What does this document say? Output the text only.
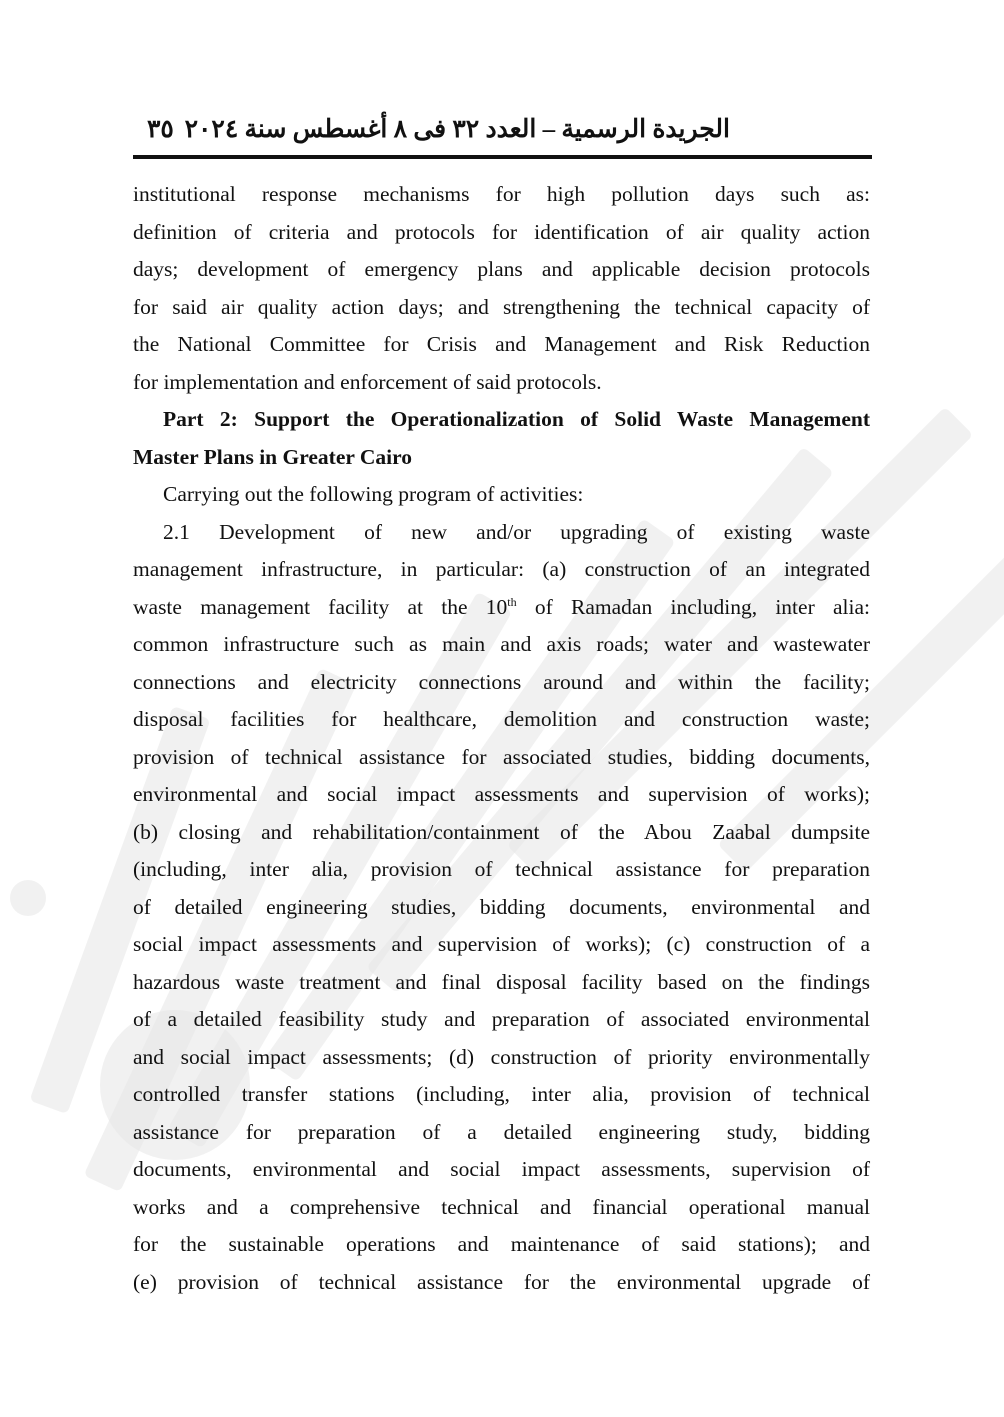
الجريدة الرسمية – العدد ٣٢ فى ٨ أغسطس سنة ٢٠٢٤
٣٥
institutional response mechanisms for high pollution days such as:
definition of criteria and protocols for identification of air quality action
days; development of emergency plans and applicable decision protocols
for said air quality action days; and strengthening the technical capacity of
the National Committee for Crisis and Management and Risk Reduction
for implementation and enforcement of said protocols.
Part 2: Support the Operationalization of Solid Waste Management
Master Plans in Greater Cairo
Carrying out the following program of activities:
2.1 Development of new and/or upgrading of existing waste
management infrastructure, in particular: (a) construction of an integrated
waste management facility at the 10th of Ramadan including, inter alia:
common infrastructure such as main and axis roads; water and wastewater
connections and electricity connections around and within the facility;
disposal facilities for healthcare, demolition and construction waste;
provision of technical assistance for associated studies, bidding documents,
environmental and social impact assessments and supervision of works);
(b) closing and rehabilitation/containment of the Abou Zaabal dumpsite
(including, inter alia, provision of technical assistance for preparation
of detailed engineering studies, bidding documents, environmental and
social impact assessments and supervision of works); (c) construction of a
hazardous waste treatment and final disposal facility based on the findings
of a detailed feasibility study and preparation of associated environmental
and social impact assessments; (d) construction of priority environmentally
controlled transfer stations (including, inter alia, provision of technical
assistance for preparation of a detailed engineering study, bidding
documents, environmental and social impact assessments, supervision of
works and a comprehensive technical and financial operational manual
for the sustainable operations and maintenance of said stations); and
(e) provision of technical assistance for the environmental upgrade of
